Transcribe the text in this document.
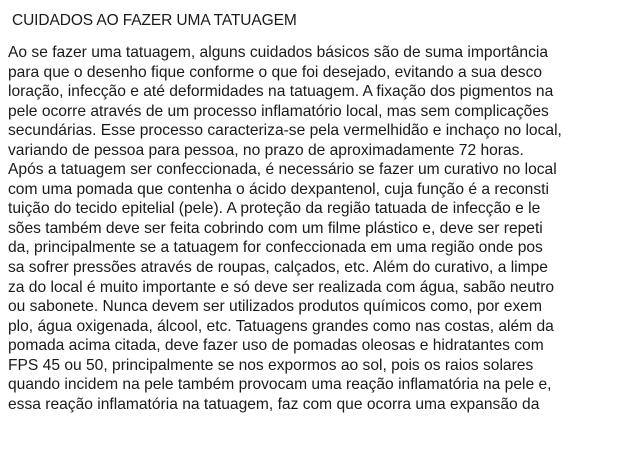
CUIDADOS AO FAZER UMA TATUAGEM
Ao se fazer uma tatuagem, alguns cuidados básicos são de suma importância
para que o desenho fique conforme o que foi desejado, evitando a sua desco
loração, infecção e até deformidades na tatuagem. A fixação dos pigmentos na
pele ocorre através de um processo inflamatório local, mas sem complicações
secundárias. Esse processo caracteriza-se pela vermelhidão e inchaço no local,
variando de pessoa para pessoa, no prazo de aproximadamente 72 horas.
Após a tatuagem ser confeccionada, é necessário se fazer um curativo no local
com uma pomada que contenha o ácido dexpantenol, cuja função é a reconsti
tuição do tecido epitelial (pele). A proteção da região tatuada de infecção e le
sões também deve ser feita cobrindo com um filme plástico e, deve ser repeti
da, principalmente se a tatuagem for confeccionada em uma região onde pos
sa sofrer pressões através de roupas, calçados, etc. Além do curativo, a limpe
za do local é muito importante e só deve ser realizada com água, sabão neutro
ou sabonete. Nunca devem ser utilizados produtos químicos como, por exem
plo, água oxigenada, álcool, etc. Tatuagens grandes como nas costas, além da
pomada acima citada, deve fazer uso de pomadas oleosas e hidratantes com
FPS 45 ou 50, principalmente se nos expormos ao sol, pois os raios solares
quando incidem na pele também provocam uma reação inflamatória na pele e,
essa reação inflamatória na tatuagem, faz com que ocorra uma expansão da
